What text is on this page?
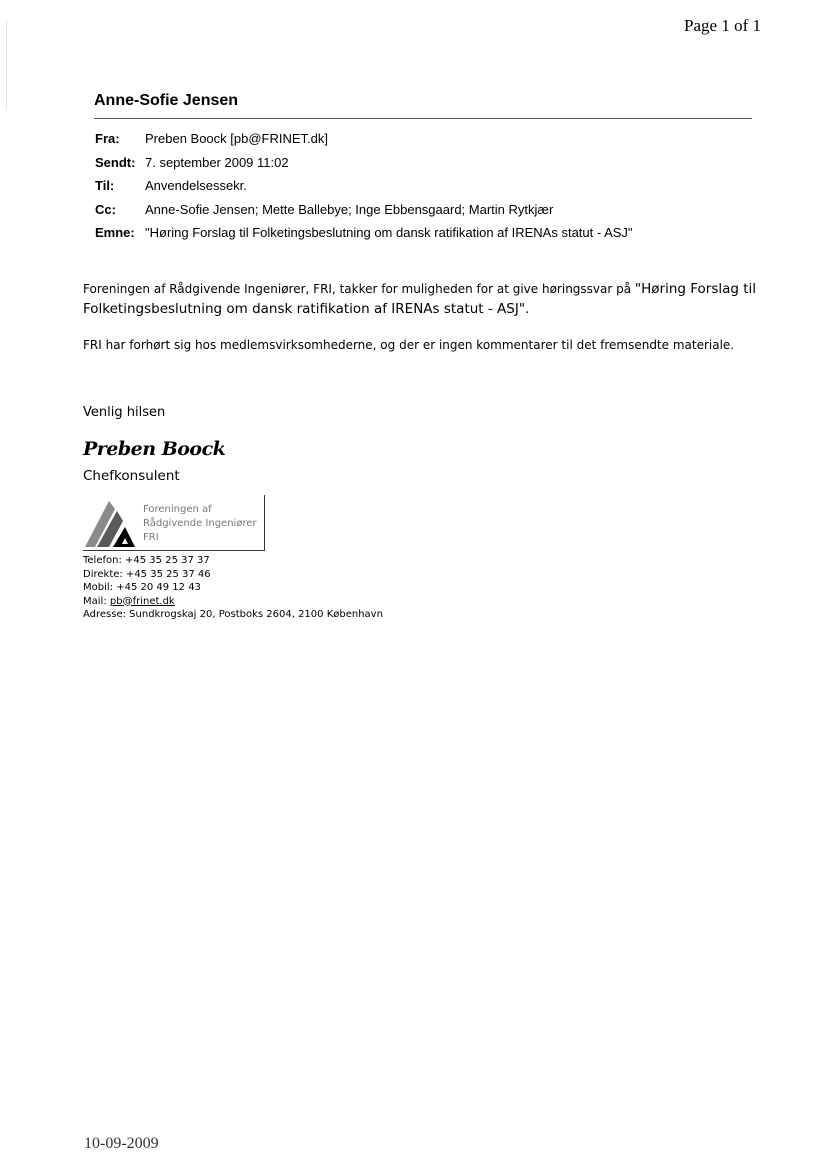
Page 1 of 1
Anne-Sofie Jensen
Fra:	Preben Boock [pb@FRINET.dk]
Sendt: 7. september 2009 11:02
Til:	Anvendelsessekr.
Cc:	Anne-Sofie Jensen; Mette Ballebye; Inge Ebbensgaard; Martin Rytkjær
Emne: "Høring Forslag til Folketingsbeslutning om dansk ratifikation af IRENAs statut - ASJ"
Foreningen af Rådgivende Ingeniører, FRI, takker for muligheden for at give høringssvar på "Høring Forslag til Folketingsbeslutning om dansk ratifikation af IRENAs statut - ASJ".
FRI har forhørt sig hos medlemsvirksomhederne, og der er ingen kommentarer til det fremsendte materiale.
Venlig hilsen
Preben Boock
Chefkonsulent
Foreningen af
Rådgivende Ingeniører
FRI
Telefon: +45 35 25 37 37
Direkte: +45 35 25 37 46
Mobil: +45 20 49 12 43
Mail: pb@frinet.dk
Adresse: Sundkrogskaj 20, Postboks 2604, 2100 København
10-09-2009
